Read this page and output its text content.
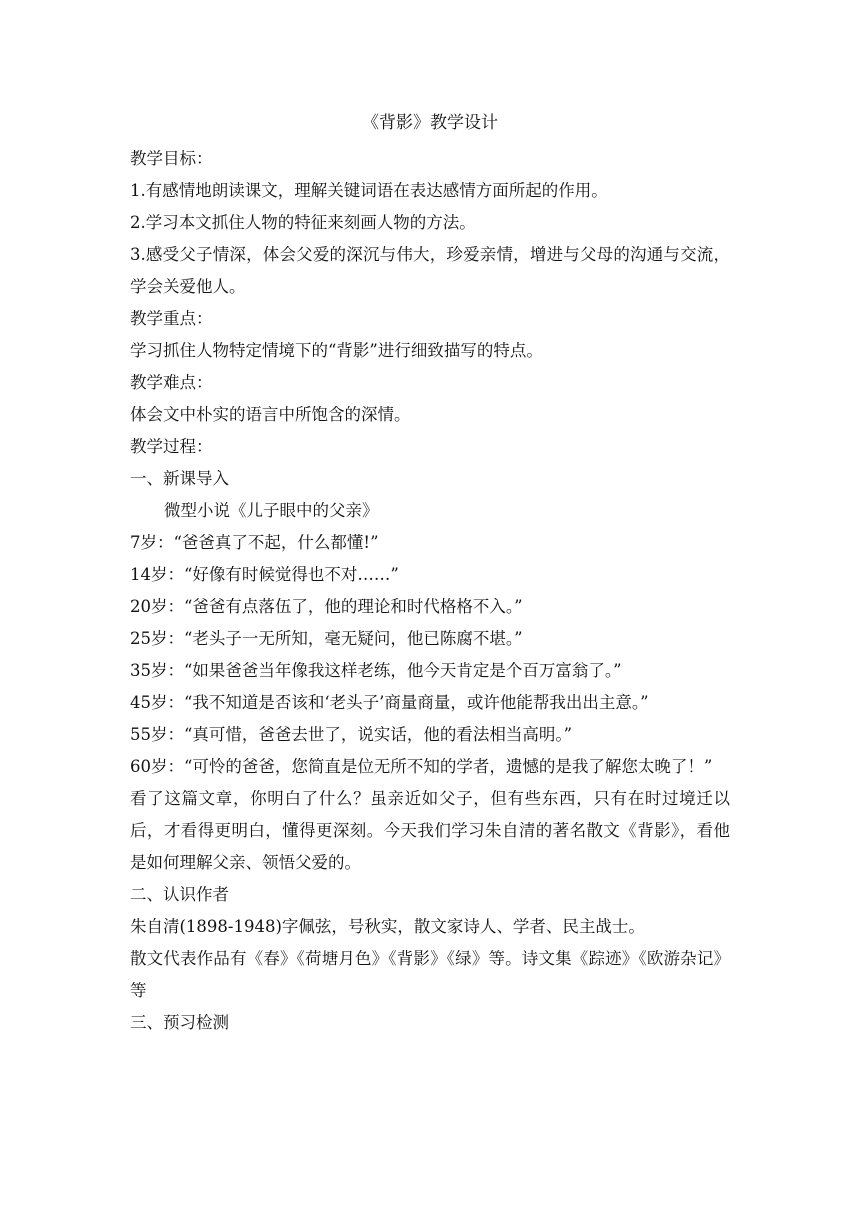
《背影》教学设计

教学目标：

1.有感情地朗读课文，理解关键词语在表达感情方面所起的作用。

2.学习本文抓住人物的特征来刻画人物的方法。

3.感受父子情深，体会父爱的深沉与伟大，珍爱亲情，增进与父母的沟通与交流，学会关爱他人。

教学重点：

学习抓住人物特定情境下的“背影”进行细致描写的特点。

教学难点：

体会文中朴实的语言中所饱含的深情。

教学过程：

一、新课导入

微型小说《儿子眼中的父亲》

7岁：“爸爸真了不起，什么都懂!”

14岁：“好像有时候觉得也不对……”

20岁：“爸爸有点落伍了，他的理论和时代格格不入。”

25岁：“老头子一无所知，毫无疑问，他已陈腐不堪。”

35岁：“如果爸爸当年像我这样老练，他今天肯定是个百万富翁了。”

45岁：“我不知道是否该和‘老头子’商量商量，或许他能帮我出出主意。”

55岁：“真可惜，爸爸去世了，说实话，他的看法相当高明。”

60岁：“可怜的爸爸，您简直是位无所不知的学者，遗憾的是我了解您太晚了！”

看了这篇文章，你明白了什么？虽亲近如父子，但有些东西，只有在时过境迁以后，才看得更明白，懂得更深刻。今天我们学习朱自清的著名散文《背影》，看他是如何理解父亲、领悟父爱的。

二、认识作者

朱自清(1898-1948)字佩弦，号秋实，散文家诗人、学者、民主战士。

散文代表作品有《春》《荷塘月色》《背影》《绿》等。诗文集《踪迹》《欧游杂记》等

三、预习检测
